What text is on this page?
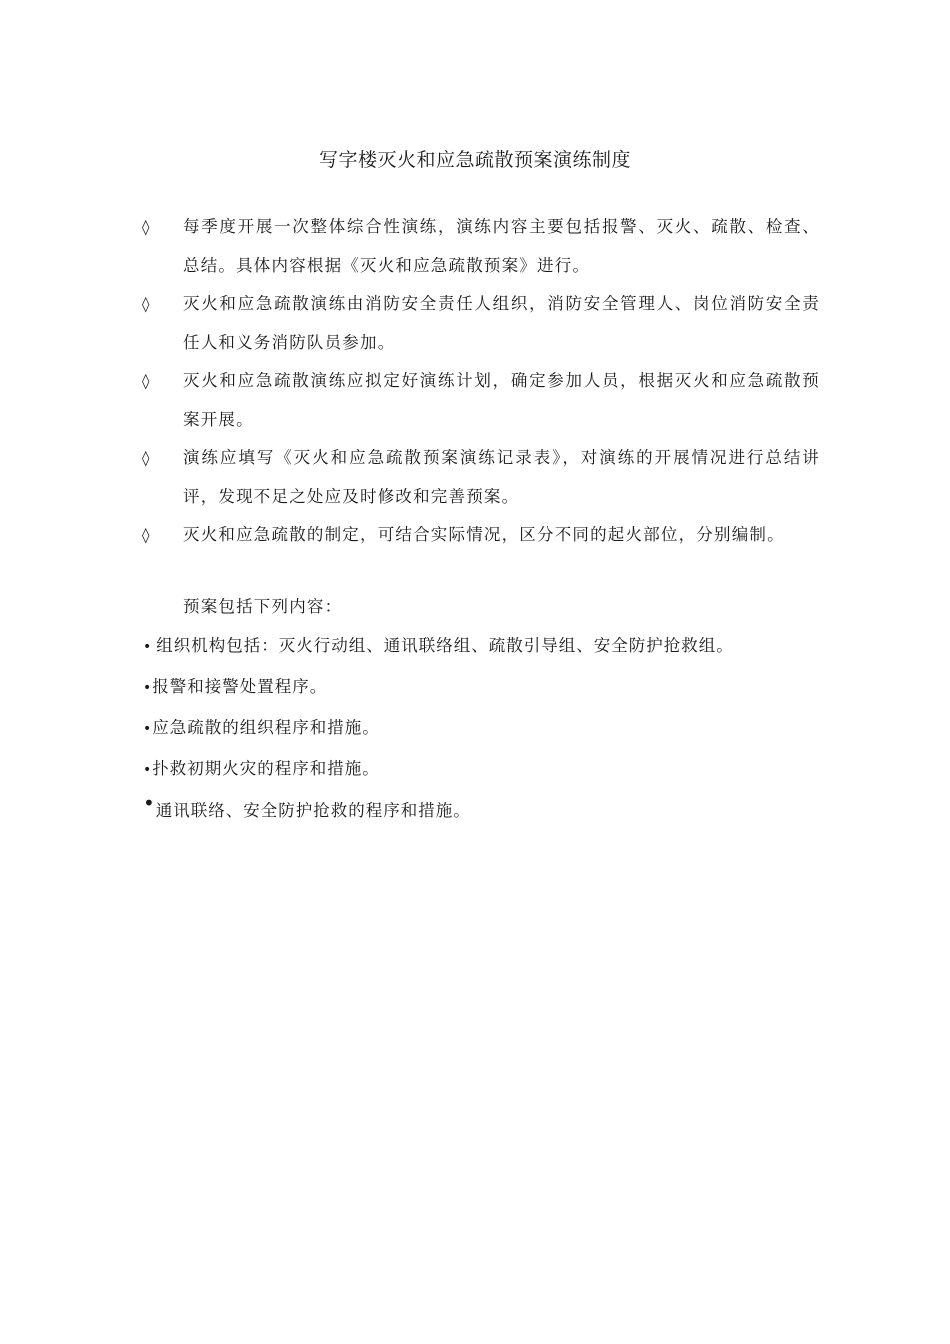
写字楼灭火和应急疏散预案演练制度
◊ 每季度开展一次整体综合性演练，演练内容主要包括报警、灭火、疏散、检查、总结。具体内容根据《灭火和应急疏散预案》进行。
◊ 灭火和应急疏散演练由消防安全责任人组织，消防安全管理人、岗位消防安全责任人和义务消防队员参加。
◊ 灭火和应急疏散演练应拟定好演练计划，确定参加人员，根据灭火和应急疏散预案开展。
◊ 演练应填写《灭火和应急疏散预案演练记录表》，对演练的开展情况进行总结讲评，发现不足之处应及时修改和完善预案。
◊ 灭火和应急疏散的制定，可结合实际情况，区分不同的起火部位，分别编制。
预案包括下列内容：
• 组织机构包括：灭火行动组、通讯联络组、疏散引导组、安全防护抢救组。
•报警和接警处置程序。
•应急疏散的组织程序和措施。
•扑救初期火灾的程序和措施。
•通讯联络、安全防护抢救的程序和措施。
